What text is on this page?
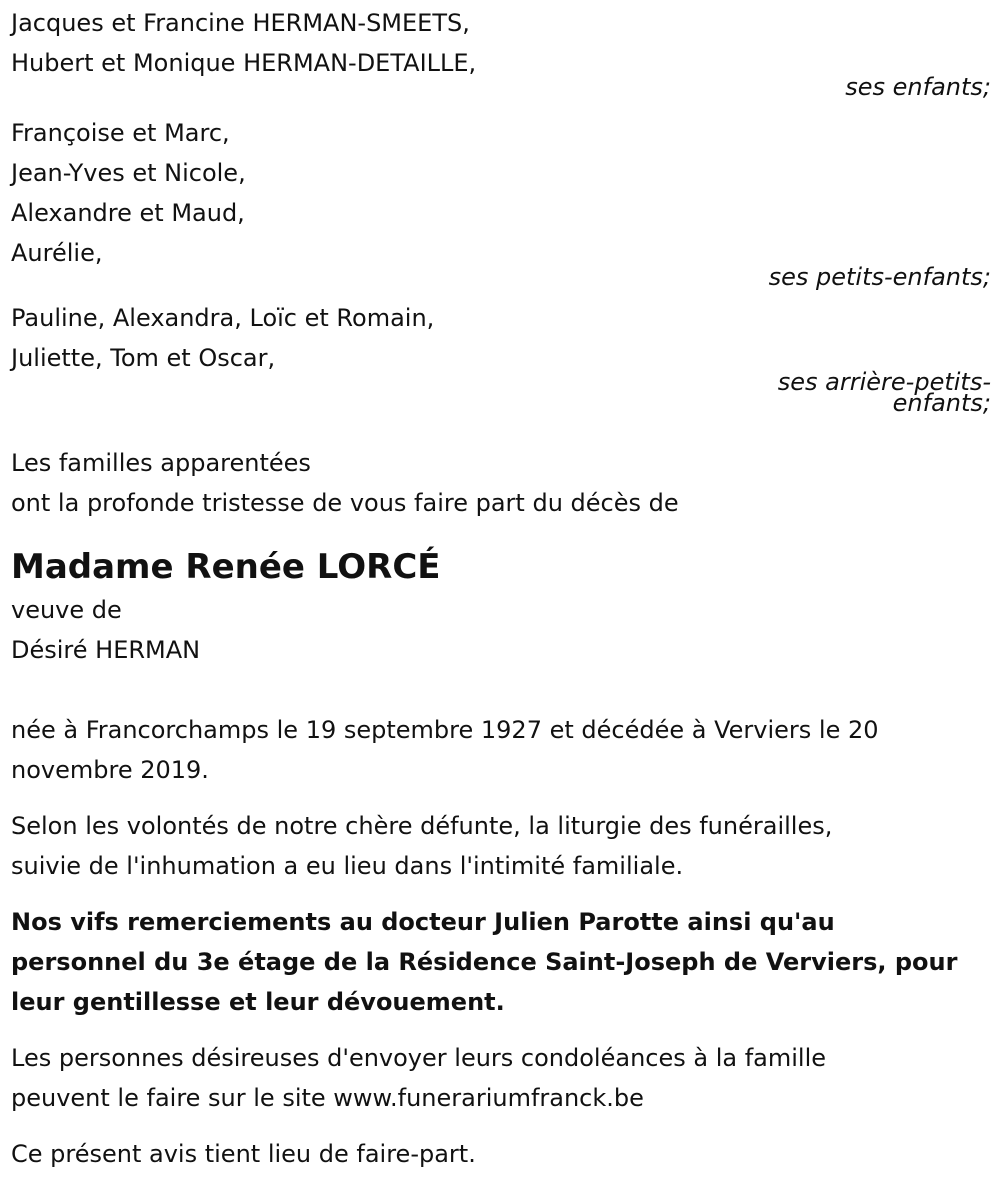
Jacques et Francine HERMAN-SMEETS,
Hubert et Monique HERMAN-DETAILLE,
ses enfants;
Françoise et Marc,
Jean-Yves et Nicole,
Alexandre et Maud,
Aurélie,
ses petits-enfants;
Pauline, Alexandra, Loïc et Romain,
Juliette, Tom et Oscar,
ses arrière-petits-
enfants;
Les familles apparentées
ont la profonde tristesse de vous faire part du décès de
Madame Renée LORCÉ
veuve de
Désiré HERMAN
née à Francorchamps le 19 septembre 1927 et décédée à Verviers le 20
novembre 2019.
Selon les volontés de notre chère défunte, la liturgie des funérailles,
suivie de l'inhumation a eu lieu dans l'intimité familiale.
Nos vifs remerciements au docteur Julien Parotte ainsi qu'au
personnel du 3e étage de la Résidence Saint-Joseph de Verviers, pour
leur gentillesse et leur dévouement.
Les personnes désireuses d'envoyer leurs condoléances à la famille
peuvent le faire sur le site www.funerariumfranck.be
Ce présent avis tient lieu de faire-part.
